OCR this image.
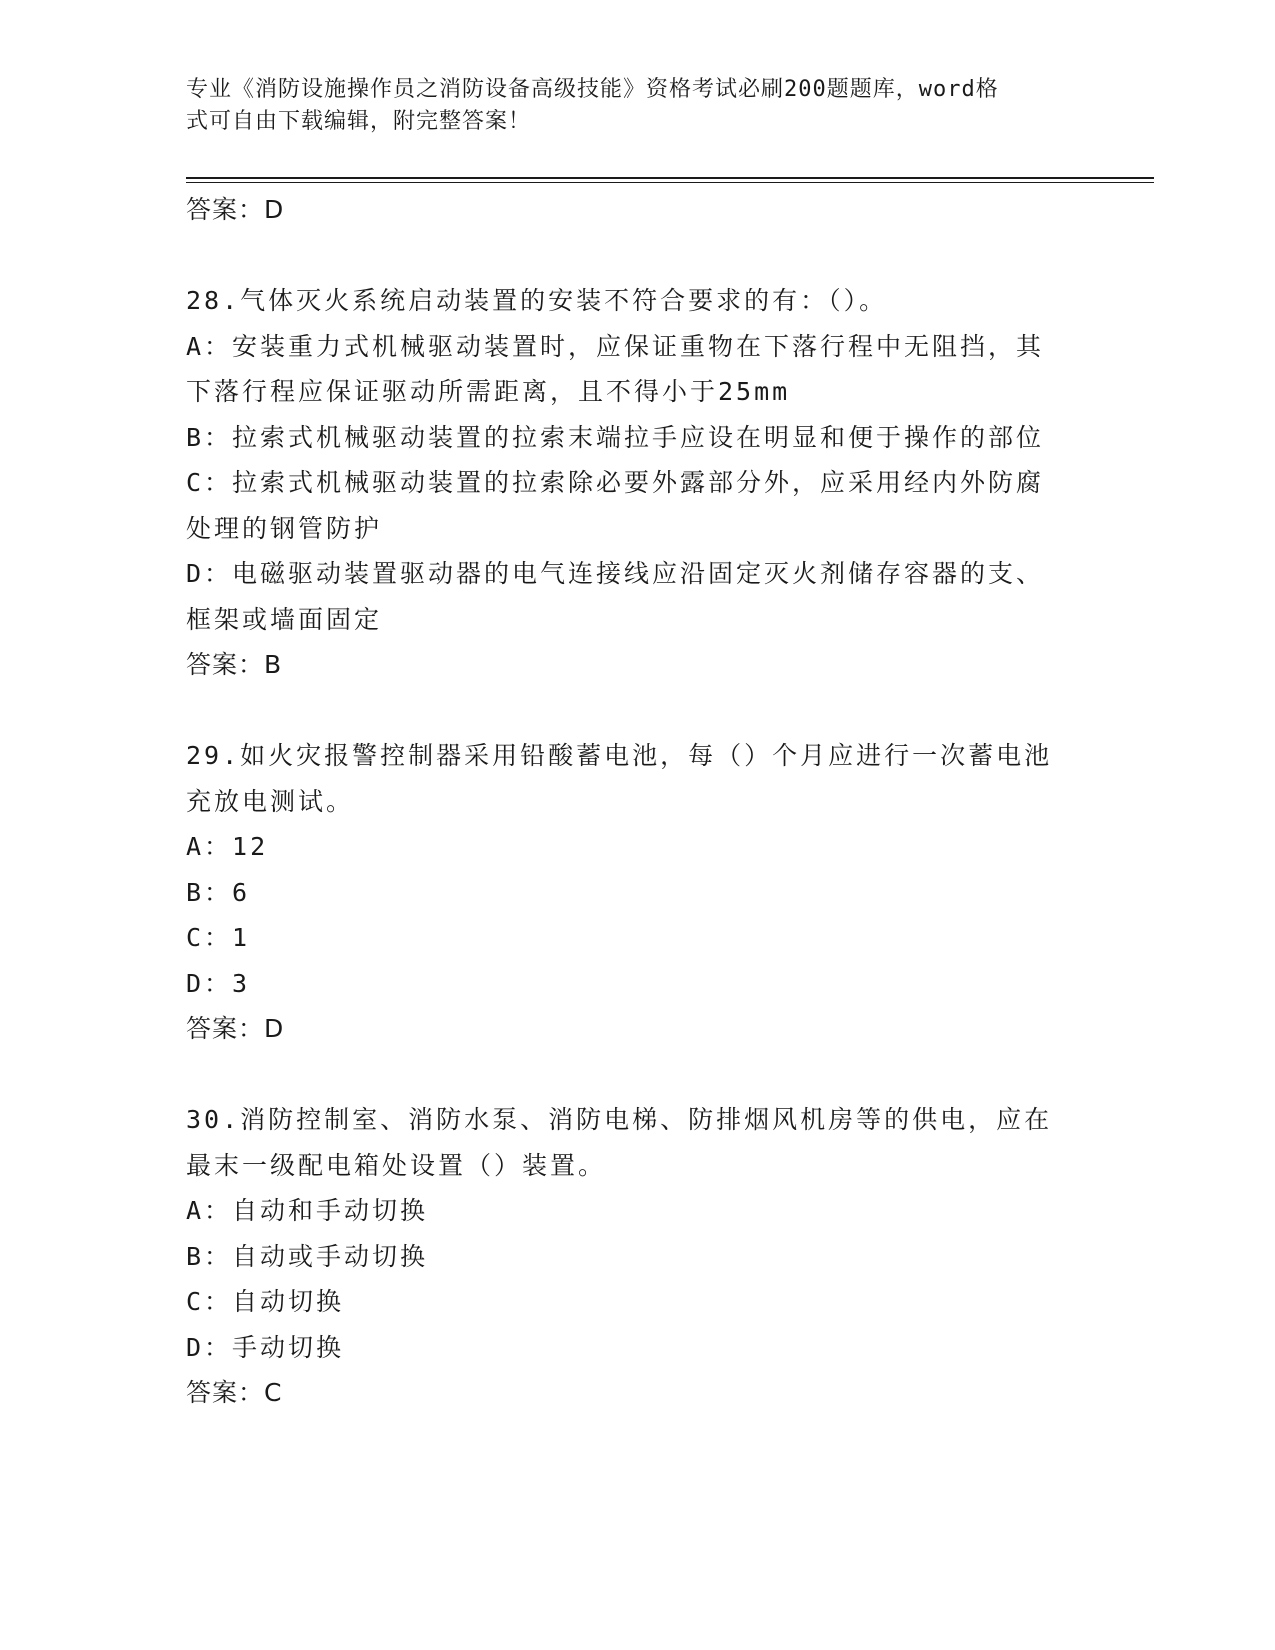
专业《消防设施操作员之消防设备高级技能》资格考试必刷200题题库，word格
式可自由下载编辑，附完整答案！
答案：D
28.气体灭火系统启动装置的安装不符合要求的有：（）。
A：安装重力式机械驱动装置时，应保证重物在下落行程中无阻挡，其
下落行程应保证驱动所需距离，且不得小于25mm
B：拉索式机械驱动装置的拉索末端拉手应设在明显和便于操作的部位
C：拉索式机械驱动装置的拉索除必要外露部分外，应采用经内外防腐
处理的钢管防护
D：电磁驱动装置驱动器的电气连接线应沿固定灭火剂储存容器的支、
框架或墙面固定
答案：B
29.如火灾报警控制器采用铅酸蓄电池，每（）个月应进行一次蓄电池
充放电测试。
A：12
B：6
C：1
D：3
答案：D
30.消防控制室、消防水泵、消防电梯、防排烟风机房等的供电，应在
最末一级配电箱处设置（）装置。
A：自动和手动切换
B：自动或手动切换
C：自动切换
D：手动切换
答案：C
